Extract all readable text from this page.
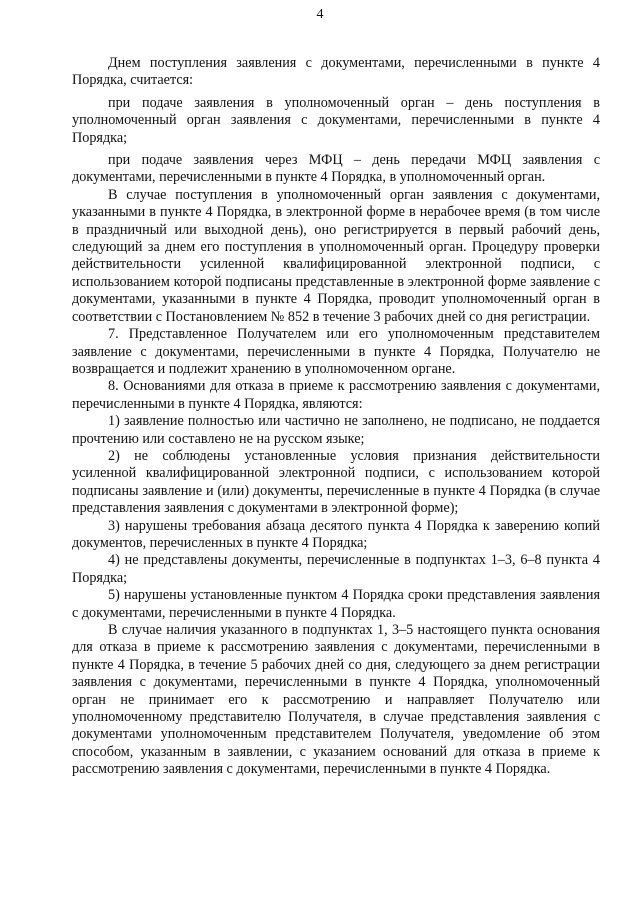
4

Днем поступления заявления с документами, перечисленными в пункте 4 Порядка, считается:

при подаче заявления в уполномоченный орган – день поступления в уполномоченный орган заявления с документами, перечисленными в пункте 4 Порядка;

при подаче заявления через МФЦ – день передачи МФЦ заявления с документами, перечисленными в пункте 4 Порядка, в уполномоченный орган.

В случае поступления в уполномоченный орган заявления с документами, указанными в пункте 4 Порядка, в электронной форме в нерабочее время (в том числе в праздничный или выходной день), оно регистрируется в первый рабочий день, следующий за днем его поступления в уполномоченный орган. Процедуру проверки действительности усиленной квалифицированной электронной подписи, с использованием которой подписаны представленные в электронной форме заявление с документами, указанными в пункте 4 Порядка, проводит уполномоченный орган в соответствии с Постановлением № 852 в течение 3 рабочих дней со дня регистрации.

7. Представленное Получателем или его уполномоченным представителем заявление с документами, перечисленными в пункте 4 Порядка, Получателю не возвращается и подлежит хранению в уполномоченном органе.

8. Основаниями для отказа в приеме к рассмотрению заявления с документами, перечисленными в пункте 4 Порядка, являются:

1) заявление полностью или частично не заполнено, не подписано, не поддается прочтению или составлено не на русском языке;

2) не соблюдены установленные условия признания действительности усиленной квалифицированной электронной подписи, с использованием которой подписаны заявление и (или) документы, перечисленные в пункте 4 Порядка (в случае представления заявления с документами в электронной форме);

3) нарушены требования абзаца десятого пункта 4 Порядка к заверению копий документов, перечисленных в пункте 4 Порядка;

4) не представлены документы, перечисленные в подпунктах 1–3, 6–8 пункта 4 Порядка;

5) нарушены установленные пунктом 4 Порядка сроки представления заявления с документами, перечисленными в пункте 4 Порядка.

В случае наличия указанного в подпунктах 1, 3–5 настоящего пункта основания для отказа в приеме к рассмотрению заявления с документами, перечисленными в пункте 4 Порядка, в течение 5 рабочих дней со дня, следующего за днем регистрации заявления с документами, перечисленными в пункте 4 Порядка, уполномоченный орган не принимает его к рассмотрению и направляет Получателю или уполномоченному представителю Получателя, в случае представления заявления с документами уполномоченным представителем Получателя, уведомление об этом способом, указанным в заявлении, с указанием оснований для отказа в приеме к рассмотрению заявления с документами, перечисленными в пункте 4 Порядка.
